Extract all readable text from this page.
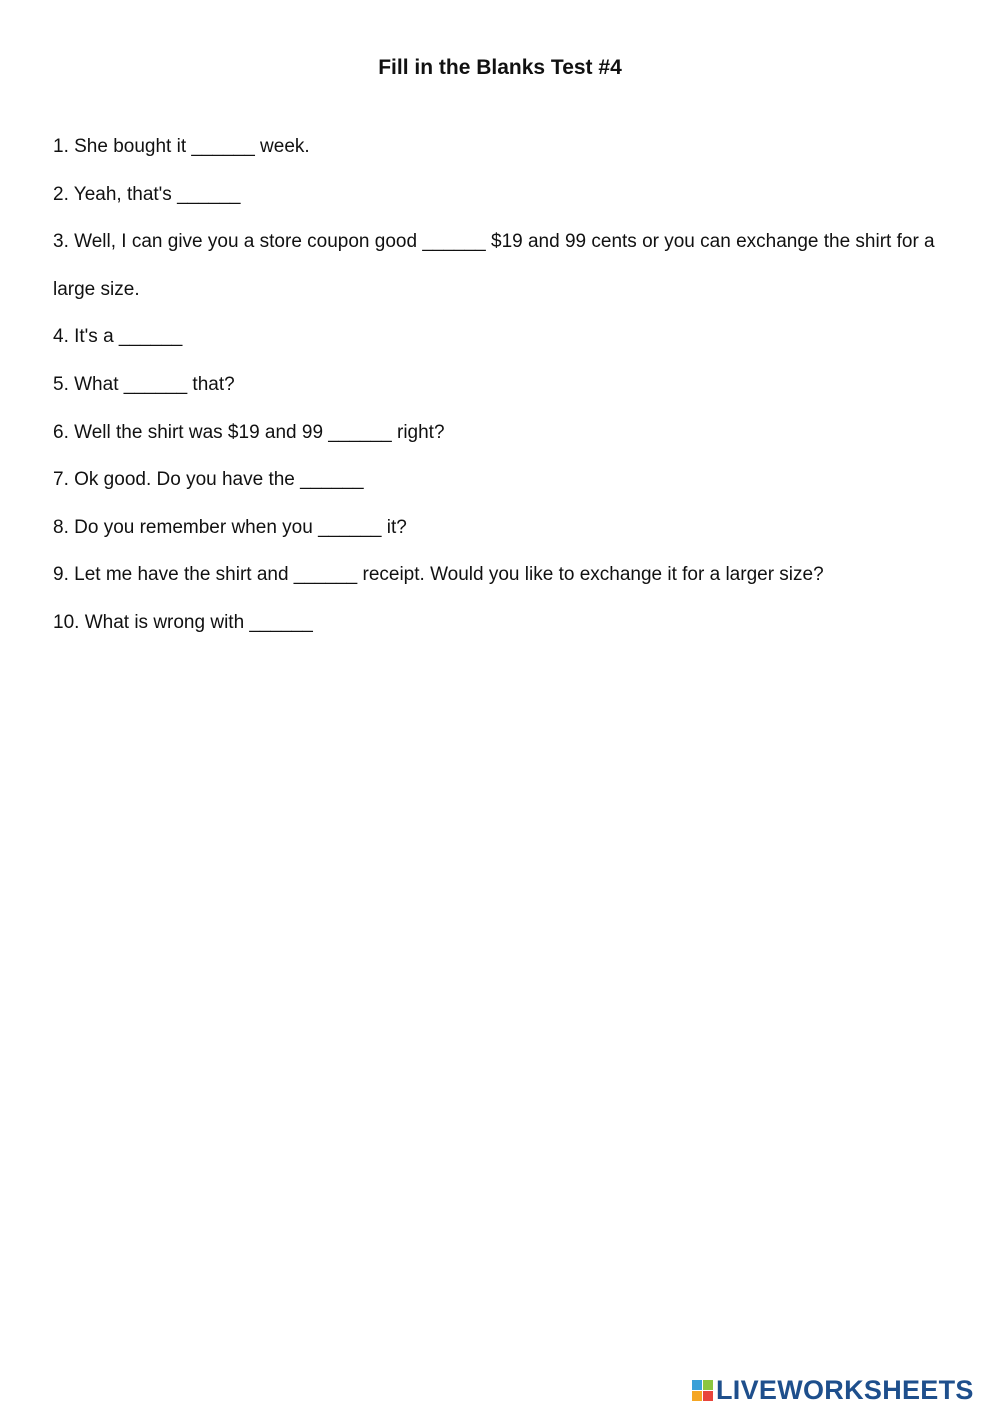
Fill in the Blanks Test #4
1. She bought it ______ week.
2. Yeah, that's ______
3. Well, I can give you a store coupon good ______ $19 and 99 cents or you can exchange the shirt for a large size.
4. It's a ______
5. What ______ that?
6. Well the shirt was $19 and 99 ______ right?
7. Ok good. Do you have the ______
8. Do you remember when you ______ it?
9. Let me have the shirt and ______ receipt. Would you like to exchange it for a larger size?
10. What is wrong with ______
LIVEWORKSHEETS
